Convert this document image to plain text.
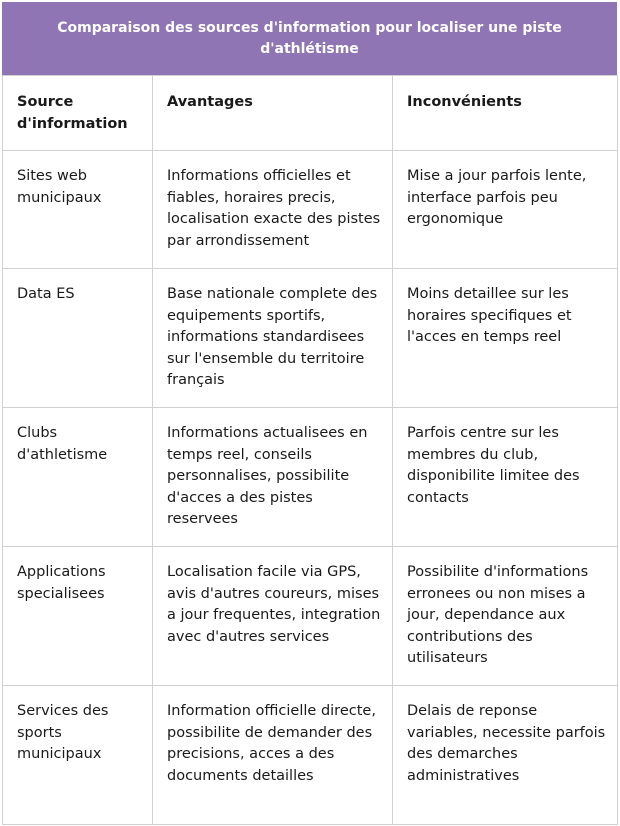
Comparaison des sources d'information pour localiser une piste d'athlétisme
Source d'information	Avantages	Inconvénients
Sites web municipaux	Informations officielles et fiables, horaires precis, localisation exacte des pistes par arrondissement	Mise a jour parfois lente, interface parfois peu ergonomique
Data ES	Base nationale complete des equipements sportifs, informations standardisees sur l'ensemble du territoire français	Moins detaillee sur les horaires specifiques et l'acces en temps reel
Clubs d'athletisme	Informations actualisees en temps reel, conseils personnalises, possibilite d'acces a des pistes reservees	Parfois centre sur les membres du club, disponibilite limitee des contacts
Applications specialisees	Localisation facile via GPS, avis d'autres coureurs, mises a jour frequentes, integration avec d'autres services	Possibilite d'informations erronees ou non mises a jour, dependance aux contributions des utilisateurs
Services des sports municipaux	Information officielle directe, possibilite de demander des precisions, acces a des documents detailles	Delais de reponse variables, necessite parfois des demarches administratives
